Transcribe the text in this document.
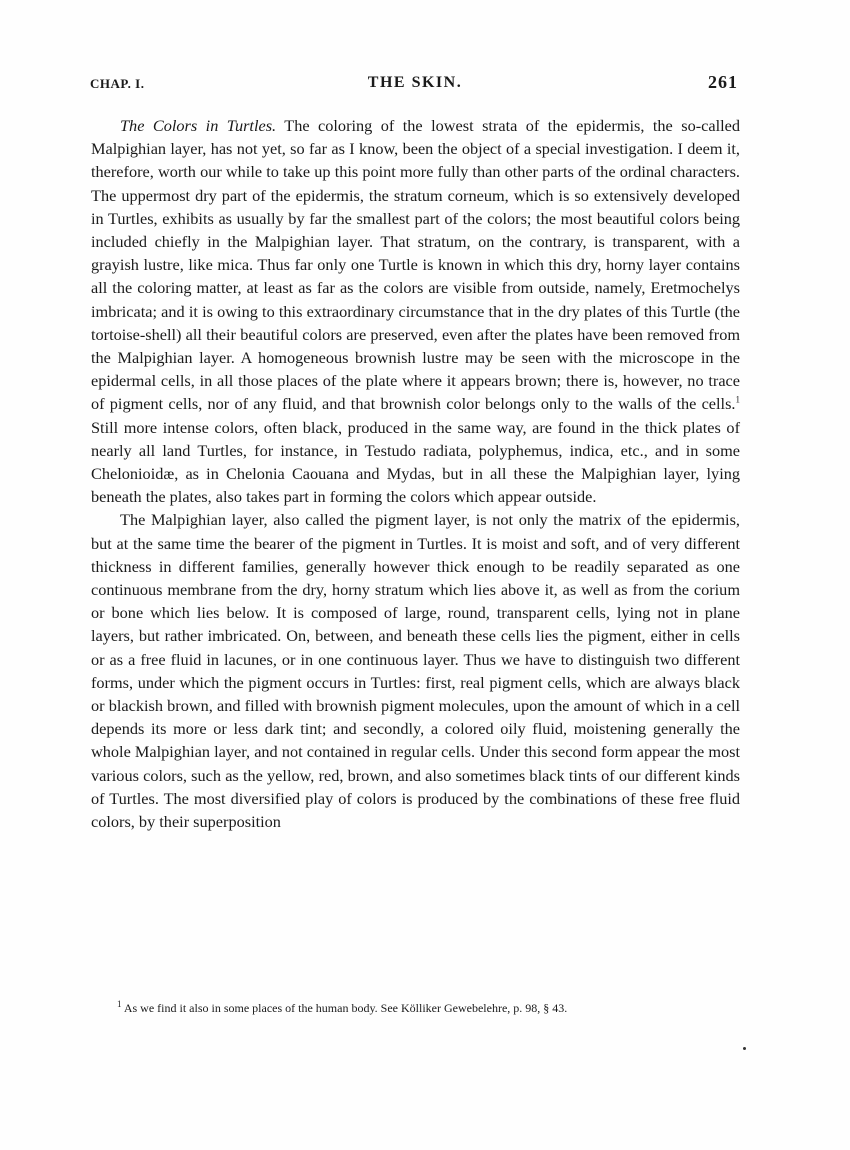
CHAP. I.	THE SKIN.	261

The Colors in Turtles. The coloring of the lowest strata of the epidermis, the so-called Malpighian layer, has not yet, so far as I know, been the object of a special investigation. I deem it, therefore, worth our while to take up this point more fully than other parts of the ordinal characters. The uppermost dry part of the epidermis, the stratum corneum, which is so extensively developed in Turtles, exhibits as usually by far the smallest part of the colors; the most beautiful colors being included chiefly in the Malpighian layer. That stratum, on the contrary, is transparent, with a grayish lustre, like mica. Thus far only one Turtle is known in which this dry, horny layer contains all the coloring matter, at least as far as the colors are visible from outside, namely, Eretmochelys imbricata; and it is owing to this extraordinary circumstance that in the dry plates of this Turtle (the tortoise-shell) all their beautiful colors are preserved, even after the plates have been removed from the Malpighian layer. A homogeneous brownish lustre may be seen with the microscope in the epidermal cells, in all those places of the plate where it appears brown; there is, however, no trace of pigment cells, nor of any fluid, and that brownish color belongs only to the walls of the cells.$^1$ Still more intense colors, often black, produced in the same way, are found in the thick plates of nearly all land Turtles, for instance, in Testudo radiata, polyphemus, indica, etc., and in some Chelonioidæ, as in Chelonia Caouana and Mydas, but in all these the Malpighian layer, lying beneath the plates, also takes part in forming the colors which appear outside.

The Malpighian layer, also called the pigment layer, is not only the matrix of the epidermis, but at the same time the bearer of the pigment in Turtles. It is moist and soft, and of very different thickness in different families, generally however thick enough to be readily separated as one continuous membrane from the dry, horny stratum which lies above it, as well as from the corium or bone which lies below. It is composed of large, round, transparent cells, lying not in plane layers, but rather imbricated. On, between, and beneath these cells lies the pigment, either in cells or as a free fluid in lacunes, or in one continuous layer. Thus we have to distinguish two different forms, under which the pigment occurs in Turtles: first, real pigment cells, which are always black or blackish brown, and filled with brownish pigment molecules, upon the amount of which in a cell depends its more or less dark tint; and secondly, a colored oily fluid, moistening generally the whole Malpighian layer, and not contained in regular cells. Under this second form appear the most various colors, such as the yellow, red, brown, and also sometimes black tints of our different kinds of Turtles. The most diversified play of colors is produced by the combinations of these free fluid colors, by their superposition

$^1$ As we find it also in some places of the human body. See Kölliker Gewebelehre, p. 98, § 43.
